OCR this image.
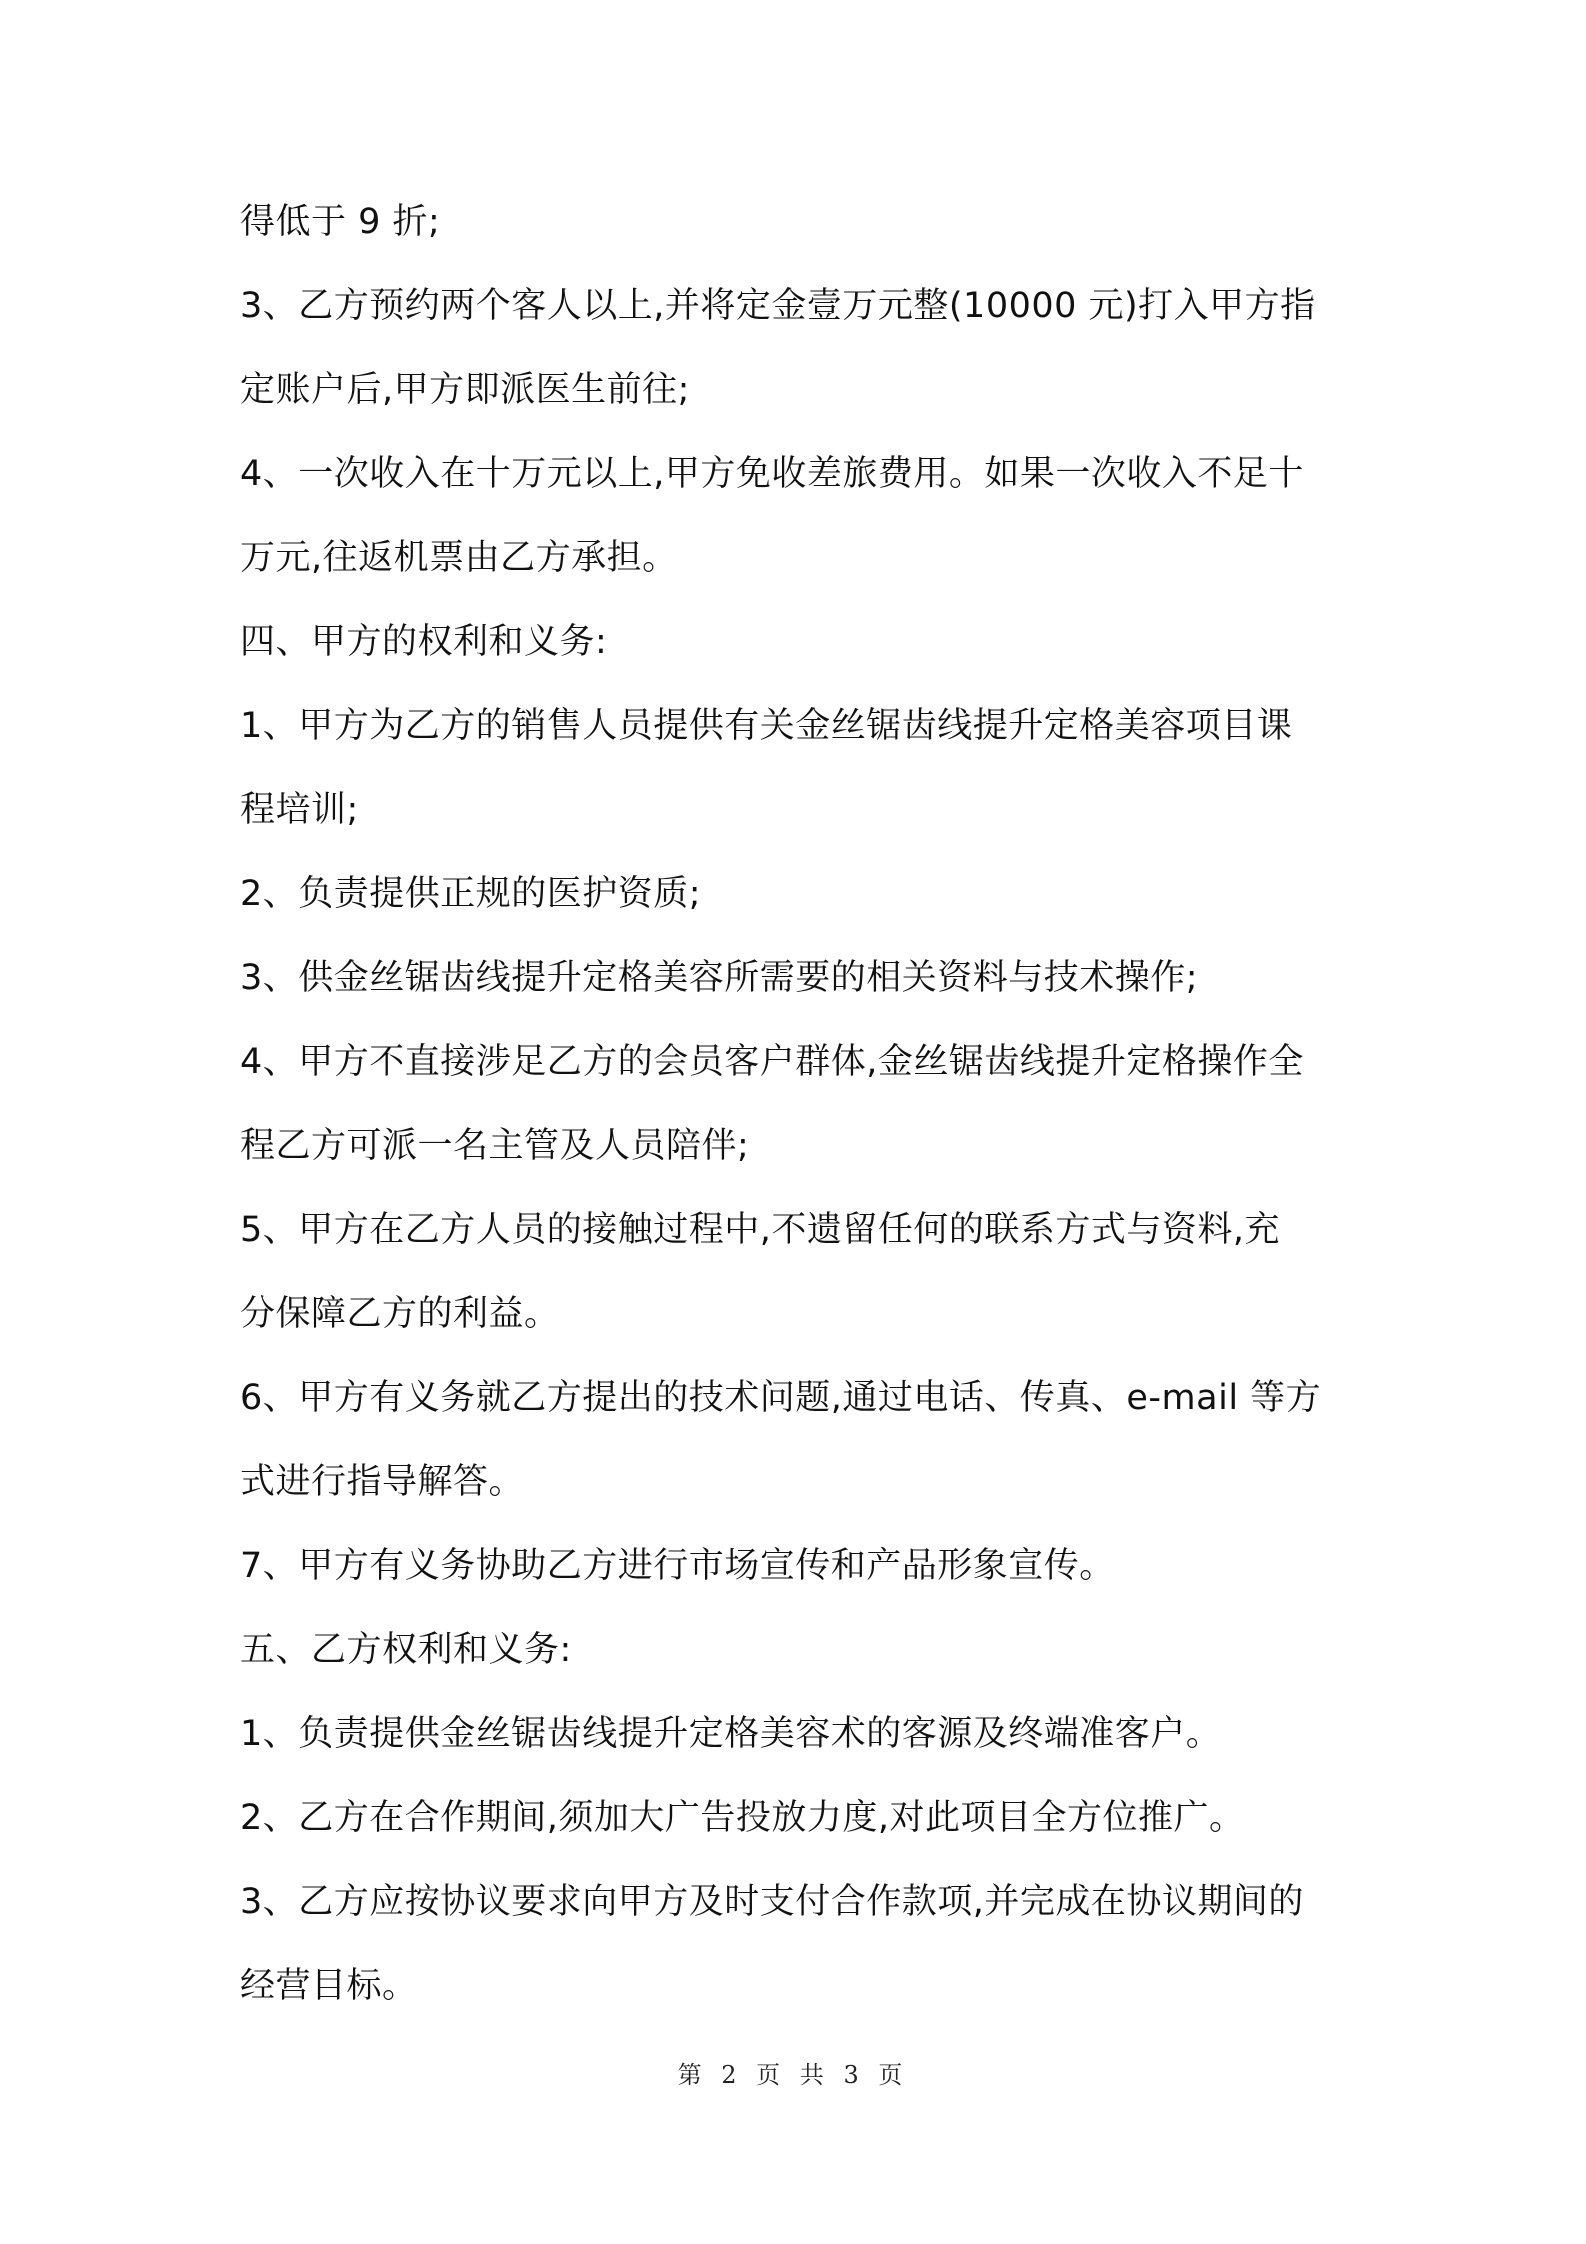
得低于 9 折;
3、乙方预约两个客人以上,并将定金壹万元整(10000 元)打入甲方指
定账户后,甲方即派医生前往;
4、一次收入在十万元以上,甲方免收差旅费用。如果一次收入不足十
万元,往返机票由乙方承担。
四、甲方的权利和义务:
1、甲方为乙方的销售人员提供有关金丝锯齿线提升定格美容项目课
程培训;
2、负责提供正规的医护资质;
3、供金丝锯齿线提升定格美容所需要的相关资料与技术操作;
4、甲方不直接涉足乙方的会员客户群体,金丝锯齿线提升定格操作全
程乙方可派一名主管及人员陪伴;
5、甲方在乙方人员的接触过程中,不遗留任何的联系方式与资料,充
分保障乙方的利益。
6、甲方有义务就乙方提出的技术问题,通过电话、传真、e-mail 等方
式进行指导解答。
7、甲方有义务协助乙方进行市场宣传和产品形象宣传。
五、乙方权利和义务:
1、负责提供金丝锯齿线提升定格美容术的客源及终端准客户。
2、乙方在合作期间,须加大广告投放力度,对此项目全方位推广。
3、乙方应按协议要求向甲方及时支付合作款项,并完成在协议期间的
经营目标。
第 2 页 共 3 页
